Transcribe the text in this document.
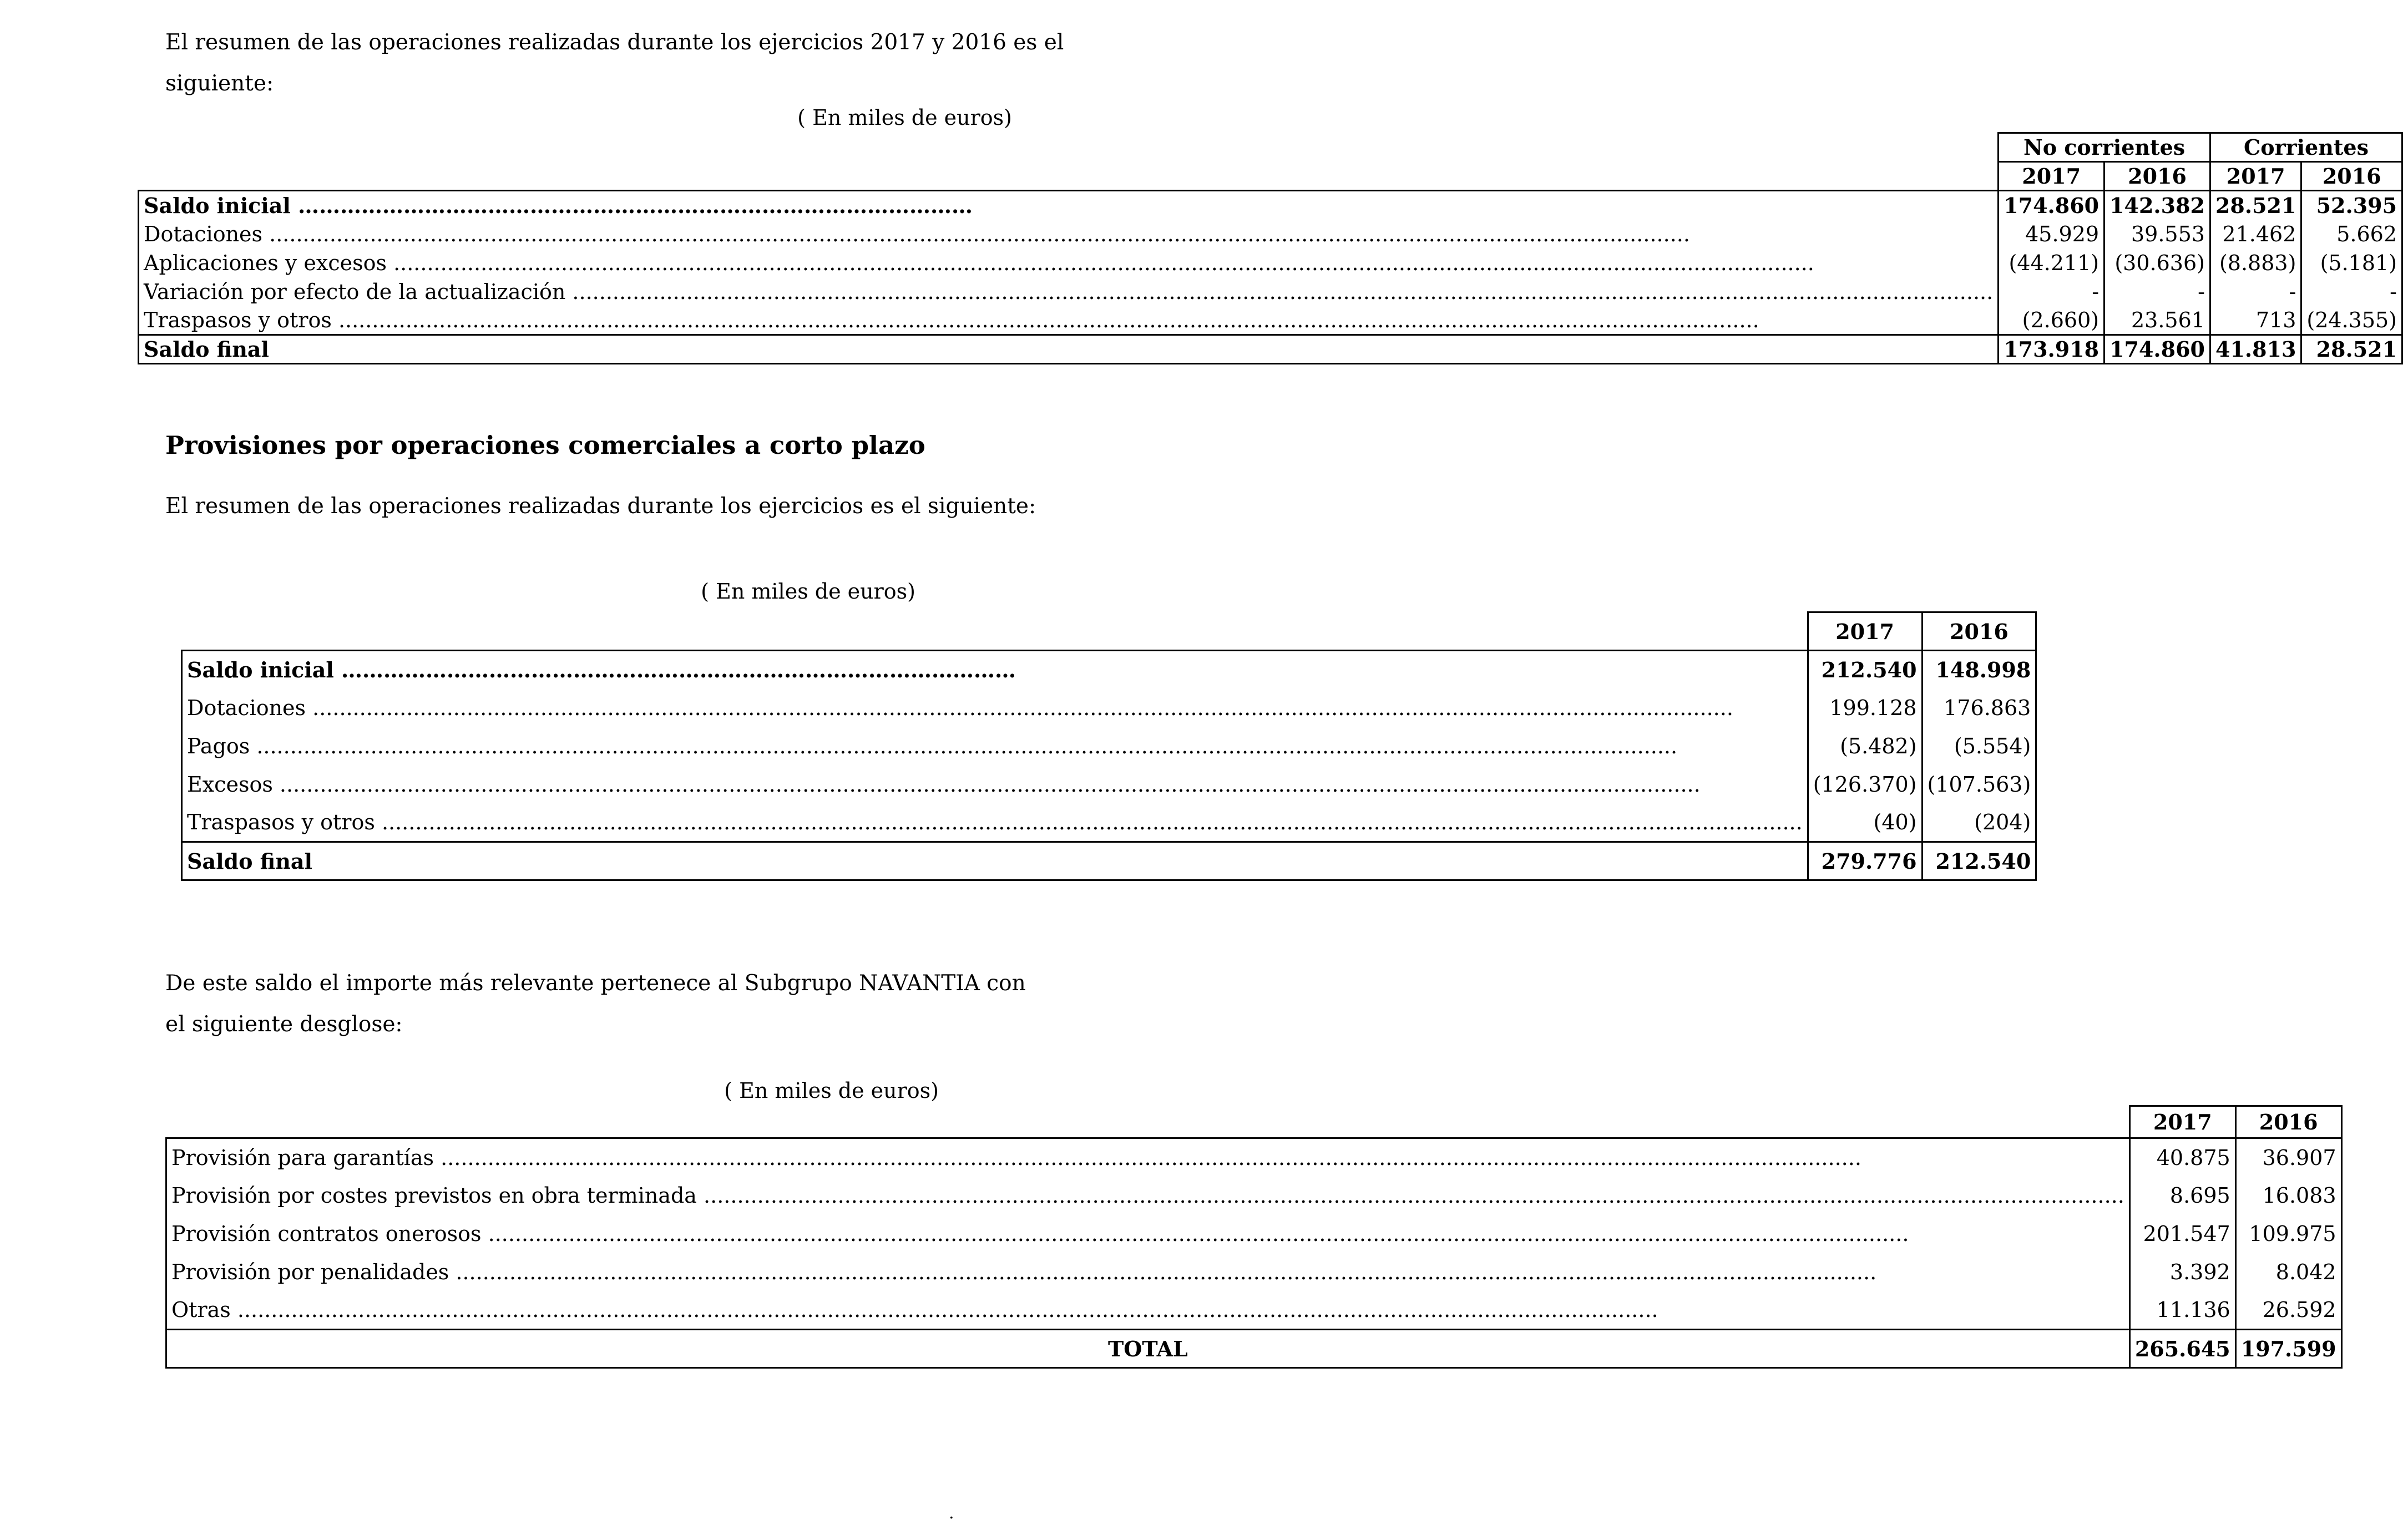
El resumen de las operaciones realizadas durante los ejercicios 2017 y 2016 es el
siguiente:

( En miles de euros)
	No corrientes		Corrientes	
	2017	2016	2017	2016
Saldo inicial ……………………………………………………………………………………	174.860	142.382	28.521	52.395
Dotaciones .....	45.929	39.553	21.462	5.662
Aplicaciones y excesos .....	(44.211)	(30.636)	(8.883)	(5.181)
Variación por efecto de la actualización .....	-	-	-	-
Traspasos y otros .....	(2.660)	23.561	713	(24.355)
Saldo final	173.918	174.860	41.813	28.521
Provisiones por operaciones comerciales a corto plazo

El resumen de las operaciones realizadas durante los ejercicios es el siguiente:

( En miles de euros)
	2017	2016
Saldo inicial ……………………………………………………………………………………	212.540	148.998
Dotaciones .....	199.128	176.863
Pagos .....	(5.482)	(5.554)
Excesos .....	(126.370)	(107.563)
Traspasos y otros .....	(40)	(204)
Saldo final	279.776	212.540

De este saldo el importe más relevante pertenece al Subgrupo NAVANTIA con
el siguiente desglose:

( En miles de euros)
	2017	2016
Provisión para garantías .....	40.875	36.907
Provisión por costes previstos en obra terminada .....	8.695	16.083
Provisión contratos onerosos .....	201.547	109.975
Provisión por penalidades .....	3.392	8.042
Otras .....	11.136	26.592
TOTAL	265.645	197.599
.
